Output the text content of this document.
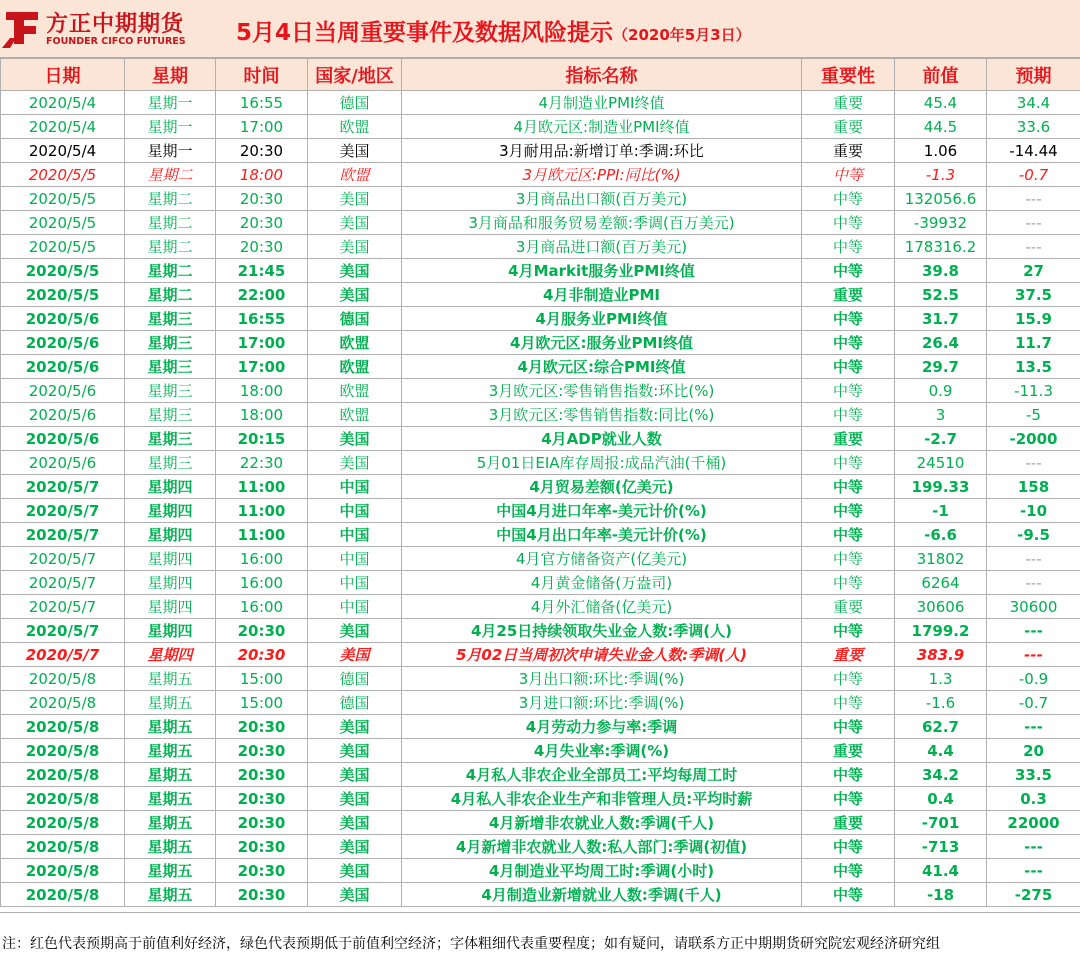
方正中期期货
FOUNDER CIFCO FUTURES 5月4日当周重要事件及数据风险提示（2020年5月3日）
日期	星期	时间	国家/地区	指标名称	重要性	前值	预期
2020/5/4	星期一	16:55	德国	4月制造业PMI终值	重要	45.4	34.4
2020/5/4	星期一	17:00	欧盟	4月欧元区:制造业PMI终值	重要	44.5	33.6
2020/5/4	星期一	20:30	美国	3月耐用品:新增订单:季调:环比	重要	1.06	-14.44
2020/5/5	星期二	18:00	欧盟	3月欧元区:PPI:同比(%)	中等	-1.3	-0.7
2020/5/5	星期二	20:30	美国	3月商品出口额(百万美元)	中等	132056.6	---
2020/5/5	星期二	20:30	美国	3月商品和服务贸易差额:季调(百万美元)	中等	-39932	---
2020/5/5	星期二	20:30	美国	3月商品进口额(百万美元)	中等	178316.2	---
2020/5/5	星期二	21:45	美国	4月Markit服务业PMI终值	中等	39.8	27
2020/5/5	星期二	22:00	美国	4月非制造业PMI	重要	52.5	37.5
2020/5/6	星期三	16:55	德国	4月服务业PMI终值	中等	31.7	15.9
2020/5/6	星期三	17:00	欧盟	4月欧元区:服务业PMI终值	中等	26.4	11.7
2020/5/6	星期三	17:00	欧盟	4月欧元区:综合PMI终值	中等	29.7	13.5
2020/5/6	星期三	18:00	欧盟	3月欧元区:零售销售指数:环比(%)	中等	0.9	-11.3
2020/5/6	星期三	18:00	欧盟	3月欧元区:零售销售指数:同比(%)	中等	3	-5
2020/5/6	星期三	20:15	美国	4月ADP就业人数	重要	-2.7	-2000
2020/5/6	星期三	22:30	美国	5月01日EIA库存周报:成品汽油(千桶)	中等	24510	---
2020/5/7	星期四	11:00	中国	4月贸易差额(亿美元)	中等	199.33	158
2020/5/7	星期四	11:00	中国	中国4月进口年率-美元计价(%)	中等	-1	-10
2020/5/7	星期四	11:00	中国	中国4月出口年率-美元计价(%)	中等	-6.6	-9.5
2020/5/7	星期四	16:00	中国	4月官方储备资产(亿美元)	中等	31802	---
2020/5/7	星期四	16:00	中国	4月黄金储备(万盎司)	中等	6264	---
2020/5/7	星期四	16:00	中国	4月外汇储备(亿美元)	重要	30606	30600
2020/5/7	星期四	20:30	美国	4月25日持续领取失业金人数:季调(人)	中等	1799.2	---
2020/5/7	星期四	20:30	美国	5月02日当周初次申请失业金人数:季调(人)	重要	383.9	---
2020/5/8	星期五	15:00	德国	3月出口额:环比:季调(%)	中等	1.3	-0.9
2020/5/8	星期五	15:00	德国	3月进口额:环比:季调(%)	中等	-1.6	-0.7
2020/5/8	星期五	20:30	美国	4月劳动力参与率:季调	中等	62.7	---
2020/5/8	星期五	20:30	美国	4月失业率:季调(%)	重要	4.4	20
2020/5/8	星期五	20:30	美国	4月私人非农企业全部员工:平均每周工时	中等	34.2	33.5
2020/5/8	星期五	20:30	美国	4月私人非农企业生产和非管理人员:平均时薪	中等	0.4	0.3
2020/5/8	星期五	20:30	美国	4月新增非农就业人数:季调(千人)	重要	-701	22000
2020/5/8	星期五	20:30	美国	4月新增非农就业人数:私人部门:季调(初值)	中等	-713	---
2020/5/8	星期五	20:30	美国	4月制造业平均周工时:季调(小时)	中等	41.4	---
2020/5/8	星期五	20:30	美国	4月制造业新增就业人数:季调(千人)	中等	-18	-275
注：红色代表预期高于前值利好经济，绿色代表预期低于前值利空经济；字体粗细代表重要程度；如有疑问，请联系方正中期期货研究院宏观经济研究组
